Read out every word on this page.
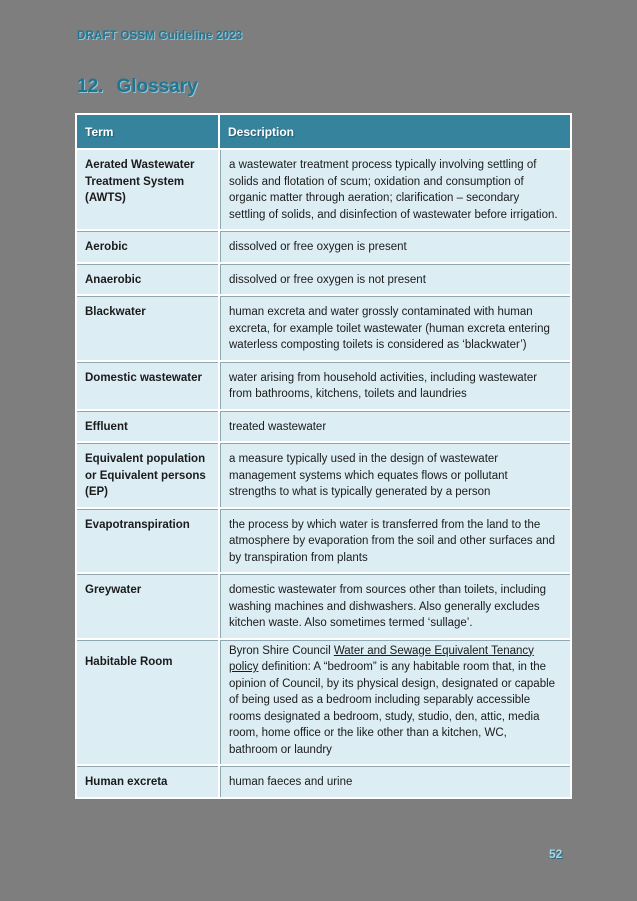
DRAFT OSSM Guideline 2023
12. Glossary
Term	Description
Aerated Wastewater Treatment System (AWTS)	a wastewater treatment process typically involving settling of solids and flotation of scum; oxidation and consumption of organic matter through aeration; clarification – secondary settling of solids, and disinfection of wastewater before irrigation.
Aerobic	dissolved or free oxygen is present
Anaerobic	dissolved or free oxygen is not present
Blackwater	human excreta and water grossly contaminated with human excreta, for example toilet wastewater (human excreta entering waterless composting toilets is considered as ‘blackwater’)
Domestic wastewater	water arising from household activities, including wastewater from bathrooms, kitchens, toilets and laundries
Effluent	treated wastewater
Equivalent population or Equivalent persons (EP)	a measure typically used in the design of wastewater management systems which equates flows or pollutant strengths to what is typically generated by a person
Evapotranspiration	the process by which water is transferred from the land to the atmosphere by evaporation from the soil and other surfaces and by transpiration from plants
Greywater	domestic wastewater from sources other than toilets, including washing machines and dishwashers. Also generally excludes kitchen waste. Also sometimes termed ‘sullage’.
Habitable Room	Byron Shire Council Water and Sewage Equivalent Tenancy policy definition: A “bedroom” is any habitable room that, in the opinion of Council, by its physical design, designated or capable of being used as a bedroom including separably accessible rooms designated a bedroom, study, studio, den, attic, media room, home office or the like other than a kitchen, WC, bathroom or laundry
Human excreta	human faeces and urine
52
